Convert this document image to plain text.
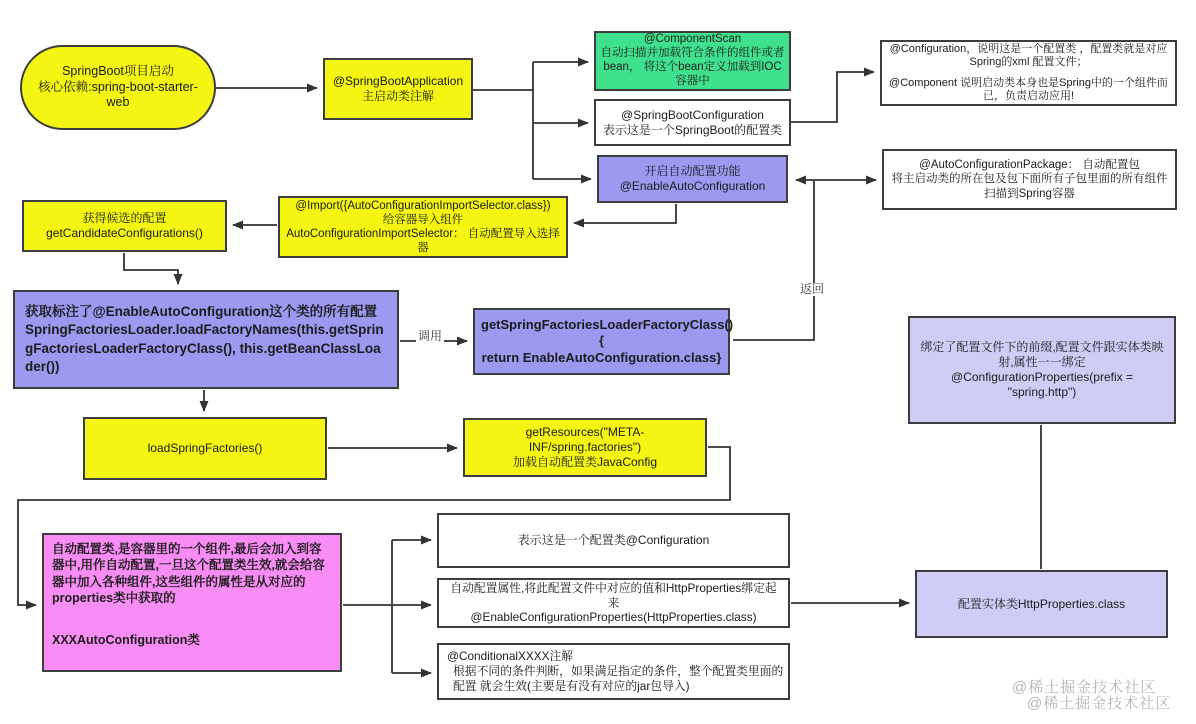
SpringBoot项目启动
核心依赖:spring-boot-starter-web
@SpringBootApplication
主启动类注解
@ComponentScan
自动扫描并加载符合条件的组件或者bean， 将这个bean定义加载到IOC容器中
@SpringBootConfiguration
表示这是一个SpringBoot的配置类
@Configuration，说明这是一个配置类 ，配置类就是对应Spring的xml 配置文件；
@Component 说明启动类本身也是Spring中的一个组件而已，负责启动应用!
开启自动配置功能
@EnableAutoConfiguration
@AutoConfigurationPackage： 自动配置包
将主启动类的所在包及包下面所有子包里面的所有组件扫描到Spring容器
@Import({AutoConfigurationImportSelector.class})
给容器导入组件
AutoConfigurationImportSelector： 自动配置导入选择器
获得候选的配置
getCandidateConfigurations()
获取标注了@EnableAutoConfiguration这个类的所有配置
SpringFactoriesLoader.loadFactoryNames(this.getSpringFactoriesLoaderFactoryClass(), this.getBeanClassLoader())
getSpringFactoriesLoaderFactoryClass(){
return EnableAutoConfiguration.class}
绑定了配置文件下的前缀,配置文件跟实体类映射,属性一一绑定@ConfigurationProperties(prefix = "spring.http")
loadSpringFactories()
getResources("META-INF/spring.factories")
加载自动配置类JavaConfig
自动配置类,是容器里的一个组件,最后会加入到容器中,用作自动配置,一旦这个配置类生效,就会给容器中加入各种组件,这些组件的属性是从对应的properties类中获取的
XXXAutoConfiguration类
表示这是一个配置类@Configuration
自动配置属性,将此配置文件中对应的值和HttpProperties绑定起来
@EnableConfigurationProperties(HttpProperties.class)
@ConditionalXXXX注解
根据不同的条件判断，如果满足指定的条件，整个配置类里面的配置 就会生效(主要是有没有对应的jar包导入)
配置实体类HttpProperties.class
调用
返回
@稀土掘金技术社区
@稀土掘金技术社区
